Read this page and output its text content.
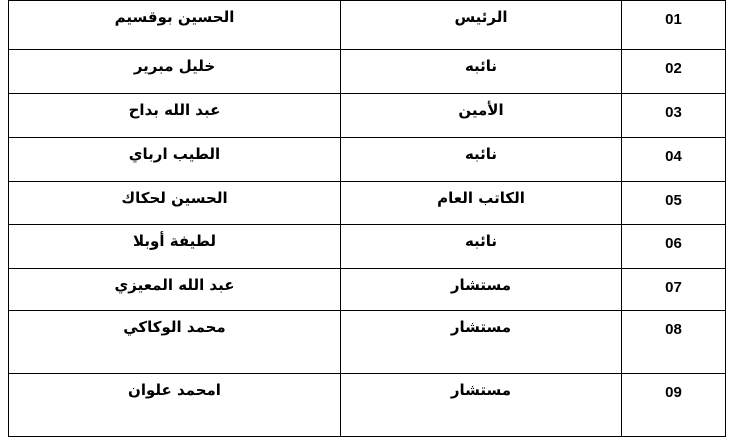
الحسين بوقسيم	الرئيس	01

خليل مبرير	نائبه	02

عبد الله بداح	الأمين	03

الطيب ارباي	نائبه	04

الحسين لحكاك	الكاتب العام	05

لطيفة أوبلا	نائبه	06

عبد الله المعيزي	مستشار	07

محمد الوكاكي	مستشار	08

امحمد علوان	مستشار	09
